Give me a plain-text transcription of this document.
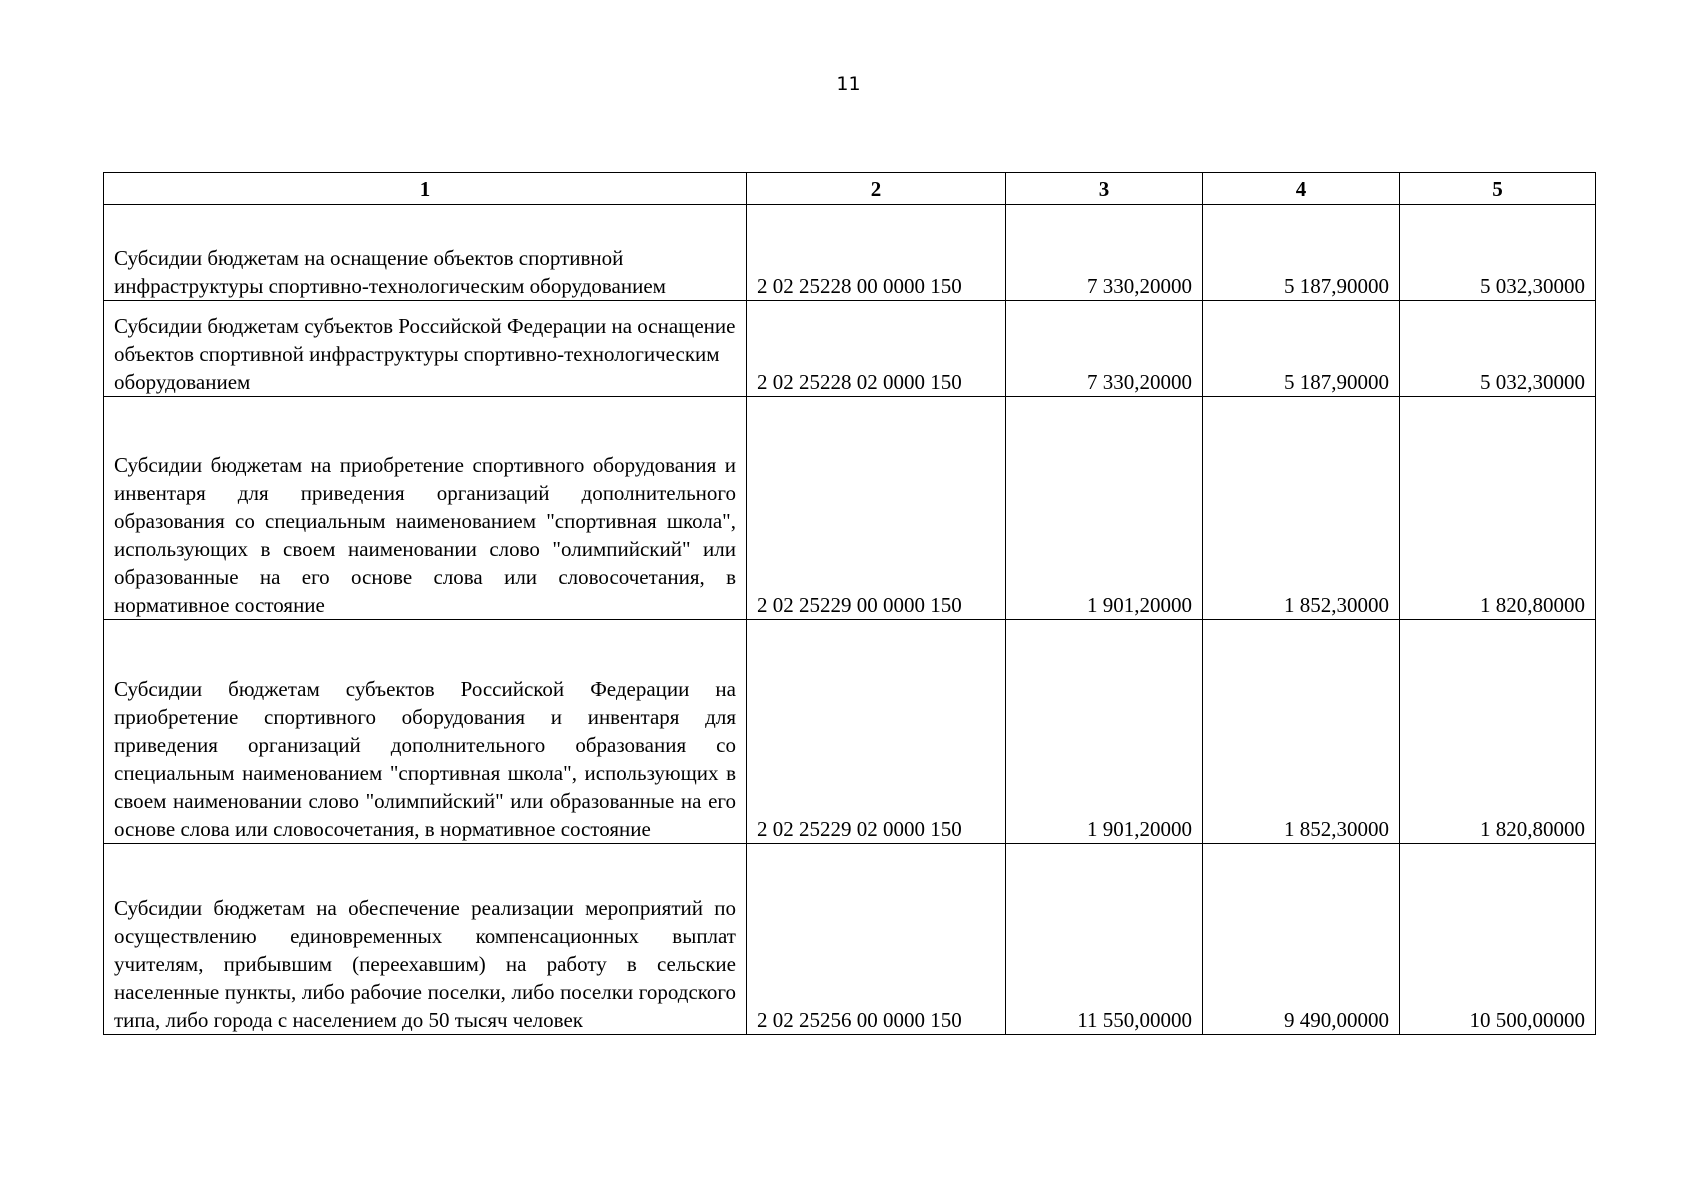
11
1	2	3	4	5
Субсидии бюджетам на оснащение объектов спортивной инфраструктуры спортивно-технологическим оборудованием	2 02 25228 00 0000 150	7 330,20000	5 187,90000	5 032,30000
Субсидии бюджетам субъектов Российской Федерации на оснащение объектов спортивной инфраструктуры спортивно-технологическим оборудованием	2 02 25228 02 0000 150	7 330,20000	5 187,90000	5 032,30000
Субсидии бюджетам на приобретение спортивного оборудования и инвентаря для приведения организаций дополнительного образования со специальным наименованием "спортивная школа", использующих в своем наименовании слово "олимпийский" или образованные на его основе слова или словосочетания, в нормативное состояние	2 02 25229 00 0000 150	1 901,20000	1 852,30000	1 820,80000
Субсидии бюджетам субъектов Российской Федерации на приобретение спортивного оборудования и инвентаря для приведения организаций дополнительного образования со специальным наименованием "спортивная школа", использующих в своем наименовании слово "олимпийский" или образованные на его основе слова или словосочетания, в нормативное состояние	2 02 25229 02 0000 150	1 901,20000	1 852,30000	1 820,80000
Субсидии бюджетам на обеспечение реализации мероприятий по осуществлению единовременных компенсационных выплат учителям, прибывшим (переехавшим) на работу в сельские населенные пункты, либо рабочие поселки, либо поселки городского типа, либо города с населением до 50 тысяч человек	2 02 25256 00 0000 150	11 550,00000	9 490,00000	10 500,00000
